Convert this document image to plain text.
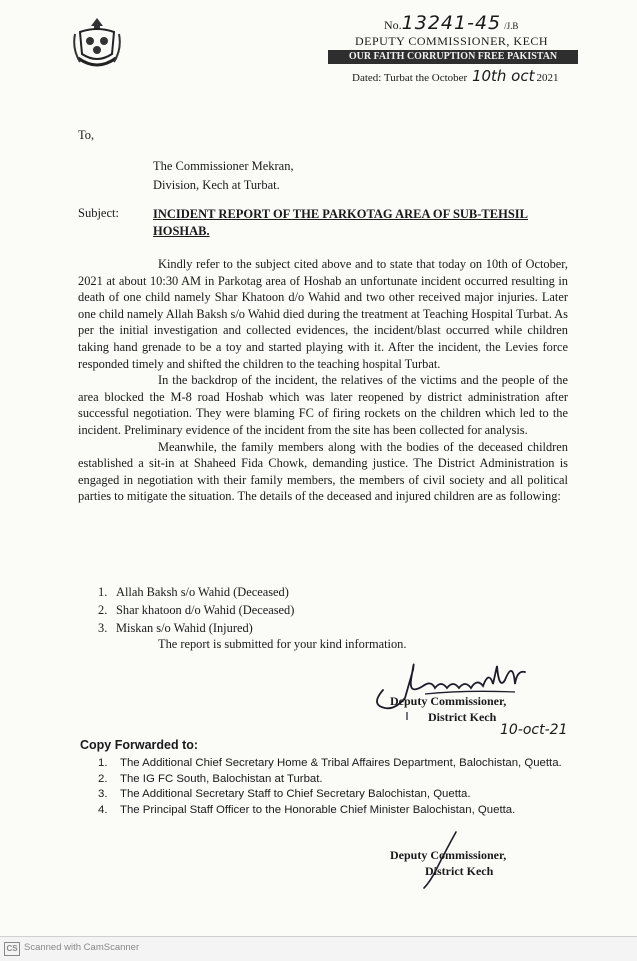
No.13241-45 /J.B
DEPUTY COMMISSIONER, KECH
OUR FAITH CORRUPTION FREE PAKISTAN
Dated: Turbat the October 10th oct 2021
To,
The Commissioner Mekran,
Division, Kech at Turbat.
Subject:	INCIDENT REPORT OF THE PARKOTAG AREA OF SUB-TEHSIL HOSHAB.

Kindly refer to the subject cited above and to state that today on 10th of October, 2021 at about 10:30 AM in Parkotag area of Hoshab an unfortunate incident occurred resulting in death of one child namely Shar Khatoon d/o Wahid and two other received major injuries. Later one child namely Allah Baksh s/o Wahid died during the treatment at Teaching Hospital Turbat. As per the initial investigation and collected evidences, the incident/blast occurred while children taking hand grenade to be a toy and started playing with it. After the incident, the Levies force responded timely and shifted the children to the teaching hospital Turbat.

In the backdrop of the incident, the relatives of the victims and the people of the area blocked the M-8 road Hoshab which was later reopened by district administration after successful negotiation. They were blaming FC of firing rockets on the children which led to the incident. Preliminary evidence of the incident from the site has been collected for analysis.

Meanwhile, the family members along with the bodies of the deceased children established a sit-in at Shaheed Fida Chowk, demanding justice. The District Administration is engaged in negotiation with their family members, the members of civil society and all political parties to mitigate the situation. The details of the deceased and injured children are as following:

1. Allah Baksh s/o Wahid (Deceased)
2. Shar khatoon d/o Wahid (Deceased)
3. Miskan s/o Wahid (Injured)
The report is submitted for your kind information.
Deputy Commissioner,
District Kech
10-oct-21
Copy Forwarded to:
1. The Additional Chief Secretary Home & Tribal Affaires Department, Balochistan, Quetta.
2. The IG FC South, Balochistan at Turbat.
3. The Additional Secretary Staff to Chief Secretary Balochistan, Quetta.
4. The Principal Staff Officer to the Honorable Chief Minister Balochistan, Quetta.
Deputy Commissioner,
District Kech
CS Scanned with CamScanner
